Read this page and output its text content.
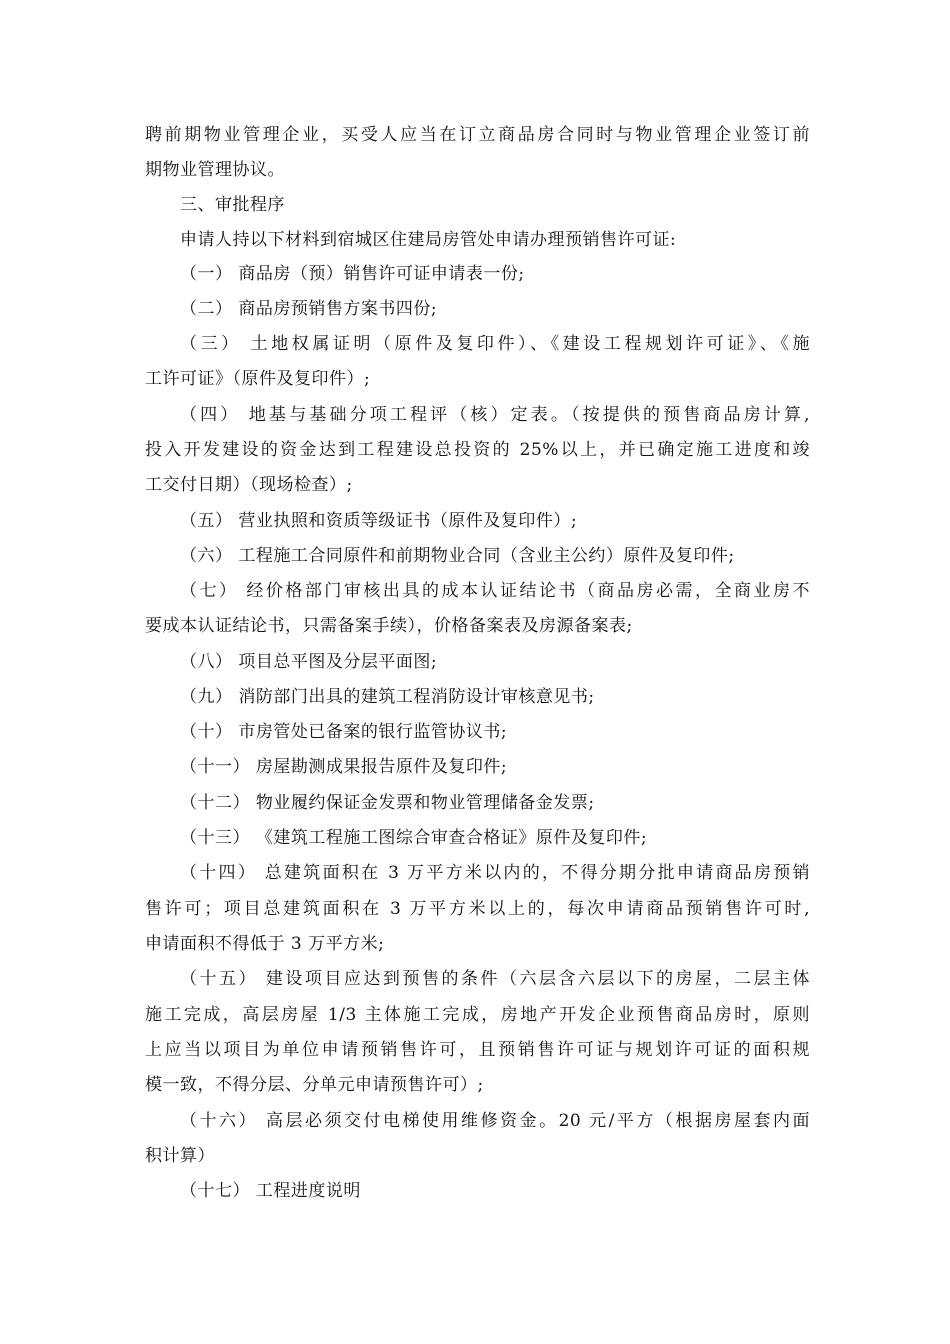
聘前期物业管理企业，买受人应当在订立商品房合同时与物业管理企业签订前
期物业管理协议。
三、审批程序
申请人持以下材料到宿城区住建局房管处申请办理预销售许可证:
（一） 商品房（预）销售许可证申请表一份;
（二） 商品房预销售方案书四份;
（三） 土地权属证明（原件及复印件）、《建设工程规划许可证》、《施
工许可证》（原件及复印件）;
（四） 地基与基础分项工程评（核）定表。（按提供的预售商品房计算,
投入开发建设的资金达到工程建设总投资的 25%以上，并已确定施工进度和竣
工交付日期）（现场检查）;
（五） 营业执照和资质等级证书（原件及复印件）;
（六） 工程施工合同原件和前期物业合同（含业主公约）原件及复印件;
（七） 经价格部门审核出具的成本认证结论书（商品房必需，全商业房不
要成本认证结论书，只需备案手续），价格备案表及房源备案表;
（八） 项目总平图及分层平面图;
（九） 消防部门出具的建筑工程消防设计审核意见书;
（十） 市房管处已备案的银行监管协议书;
（十一） 房屋勘测成果报告原件及复印件;
（十二） 物业履约保证金发票和物业管理储备金发票;
（十三） 《建筑工程施工图综合审查合格证》原件及复印件;
（十四） 总建筑面积在 3 万平方米以内的，不得分期分批申请商品房预销
售许可；项目总建筑面积在 3 万平方米以上的，每次申请商品预销售许可时,
申请面积不得低于 3 万平方米;
（十五） 建设项目应达到预售的条件（六层含六层以下的房屋，二层主体
施工完成，高层房屋 1/3 主体施工完成，房地产开发企业预售商品房时，原则
上应当以项目为单位申请预销售许可，且预销售许可证与规划许可证的面积规
模一致，不得分层、分单元申请预售许可）;
（十六） 高层必须交付电梯使用维修资金。20 元/平方（根据房屋套内面
积计算）
（十七） 工程进度说明
